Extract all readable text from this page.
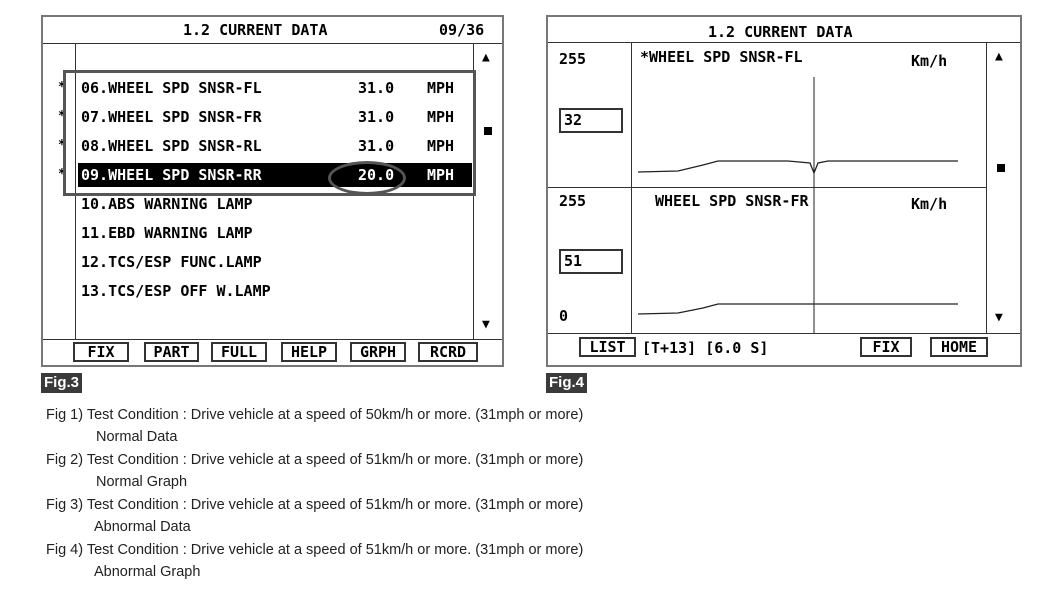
1.2 CURRENT DATA	09/36
* 06.WHEEL SPD SNSR-FL	31.0 MPH
* 07.WHEEL SPD SNSR-FR	31.0 MPH
* 08.WHEEL SPD SNSR-RL	31.0 MPH
* 09.WHEEL SPD SNSR-RR	20.0 MPH
10.ABS WARNING LAMP
11.EBD WARNING LAMP
12.TCS/ESP FUNC.LAMP
13.TCS/ESP OFF W.LAMP
▲
▼
FIX	PART	FULL	HELP	GRPH	RCRD
Fig.3
1.2 CURRENT DATA
255	*WHEEL SPD SNSR-FL	Km/h
32
255	WHEEL SPD SNSR-FR	Km/h
51
0
▲
▼
LIST	[T+13] [6.0 S]	FIX	HOME
Fig.4
Fig 1) Test Condition : Drive vehicle at a speed of 50km/h or more. (31mph or more)
Normal Data
Fig 2) Test Condition : Drive vehicle at a speed of 51km/h or more. (31mph or more)
Normal Graph
Fig 3) Test Condition : Drive vehicle at a speed of 51km/h or more. (31mph or more)
Abnormal Data
Fig 4) Test Condition : Drive vehicle at a speed of 51km/h or more. (31mph or more)
Abnormal Graph
